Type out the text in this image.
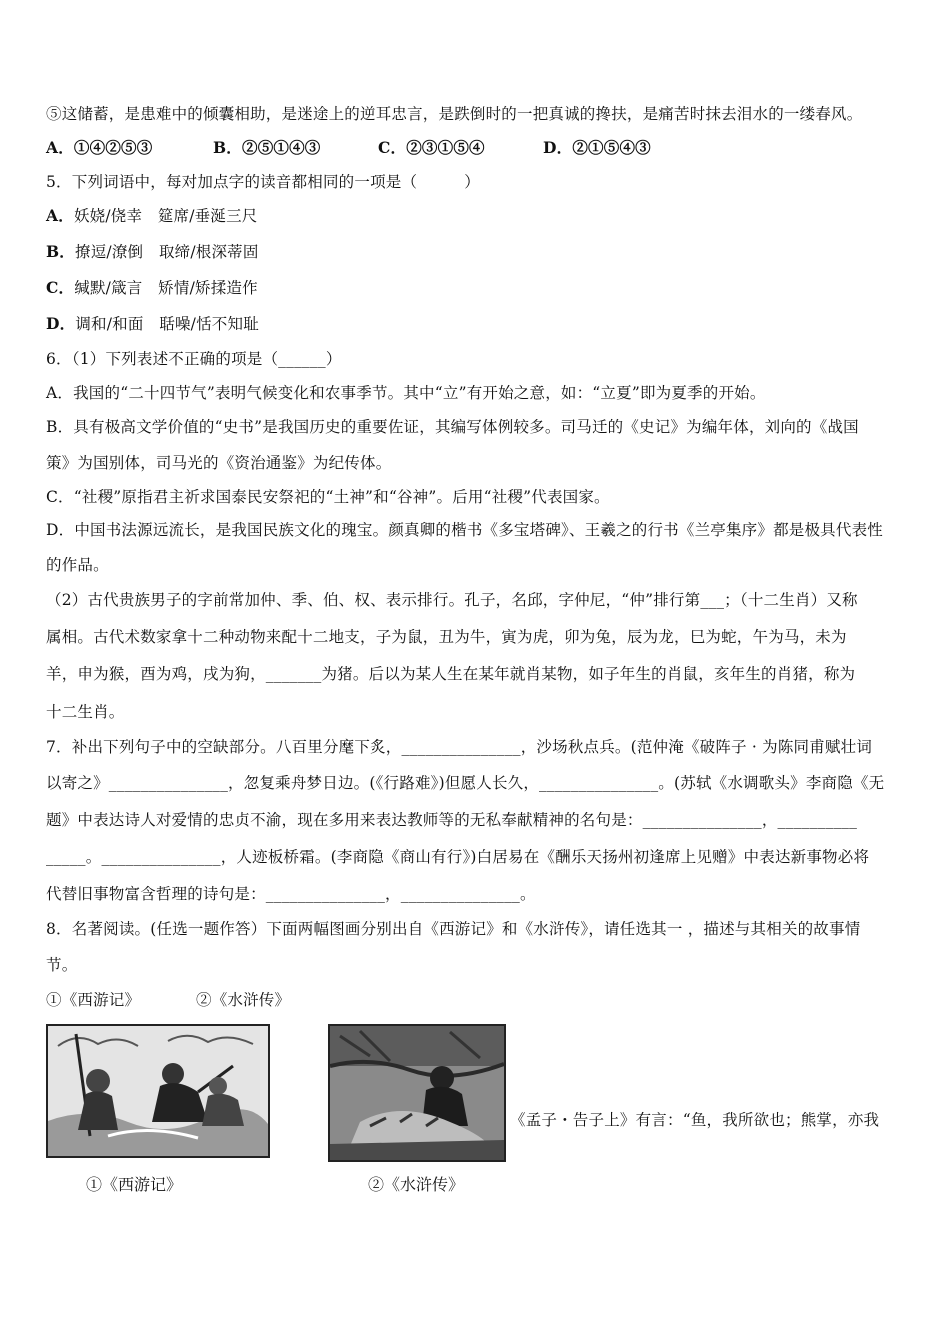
⑤这储蓄，是患难中的倾囊相助，是迷途上的逆耳忠言，是跌倒时的一把真诚的搀扶，是痛苦时抹去泪水的一缕春风。
A．①④②⑤③	B．②⑤①④③	C．②③①⑤④	D．②①⑤④③
5．下列词语中，每对加点字的读音都相同的一项是（　　　）
A．妖娆/侥幸　筵席/垂涎三尺
B．撩逗/潦倒　取缔/根深蒂固
C．缄默/箴言　矫情/矫揉造作
D．调和/和面　聒噪/恬不知耻
6．（1）下列表述不正确的项是（______）
A．我国的“二十四节气”表明气候变化和农事季节。其中“立”有开始之意，如：“立夏”即为夏季的开始。
B．具有极高文学价值的“史书”是我国历史的重要佐证，其编写体例较多。司马迁的《史记》为编年体，刘向的《战国
策》为国别体，司马光的《资治通鉴》为纪传体。
C．“社稷”原指君主祈求国泰民安祭祀的“土神”和“谷神”。后用“社稷”代表国家。
D．中国书法源远流长，是我国民族文化的瑰宝。颜真卿的楷书《多宝塔碑》、王羲之的行书《兰亭集序》都是极具代表性
的作品。
（2）古代贵族男子的字前常加仲、季、伯、权、表示排行。孔子，名邱，字仲尼，“仲”排行第___；（十二生肖）又称
属相。古代术数家拿十二种动物来配十二地支，子为鼠，丑为牛，寅为虎，卯为兔，辰为龙，巳为蛇，午为马，未为
羊，申为猴，酉为鸡，戌为狗，_______为猪。后以为某人生在某年就肖某物，如子年生的肖鼠，亥年生的肖猪，称为
十二生肖。
7．补出下列句子中的空缺部分。八百里分麾下炙，_______________，沙场秋点兵。(范仲淹《破阵子 · 为陈同甫赋壮词
以寄之》_______________，忽复乘舟梦日边。(《行路难》)但愿人长久，_______________。(苏轼《水调歌头》李商隐《无
题》中表达诗人对爱情的忠贞不渝，现在多用来表达教师等的无私奉献精神的名句是：_______________，__________
_____。_______________，人迹板桥霜。(李商隐《商山有行》)白居易在《酬乐天扬州初逢席上见赠》中表达新事物必将
代替旧事物富含哲理的诗句是：_______________，_______________。
8．名著阅读。(任选一题作答）下面两幅图画分别出自《西游记》和《水浒传》，请任选其一 ，描述与其相关的故事情
节。
①《西游记》	②《水浒传》
①《西游记》	②《水浒传》
《孟子・告子上》有言：“鱼，我所欲也；熊掌，亦我
